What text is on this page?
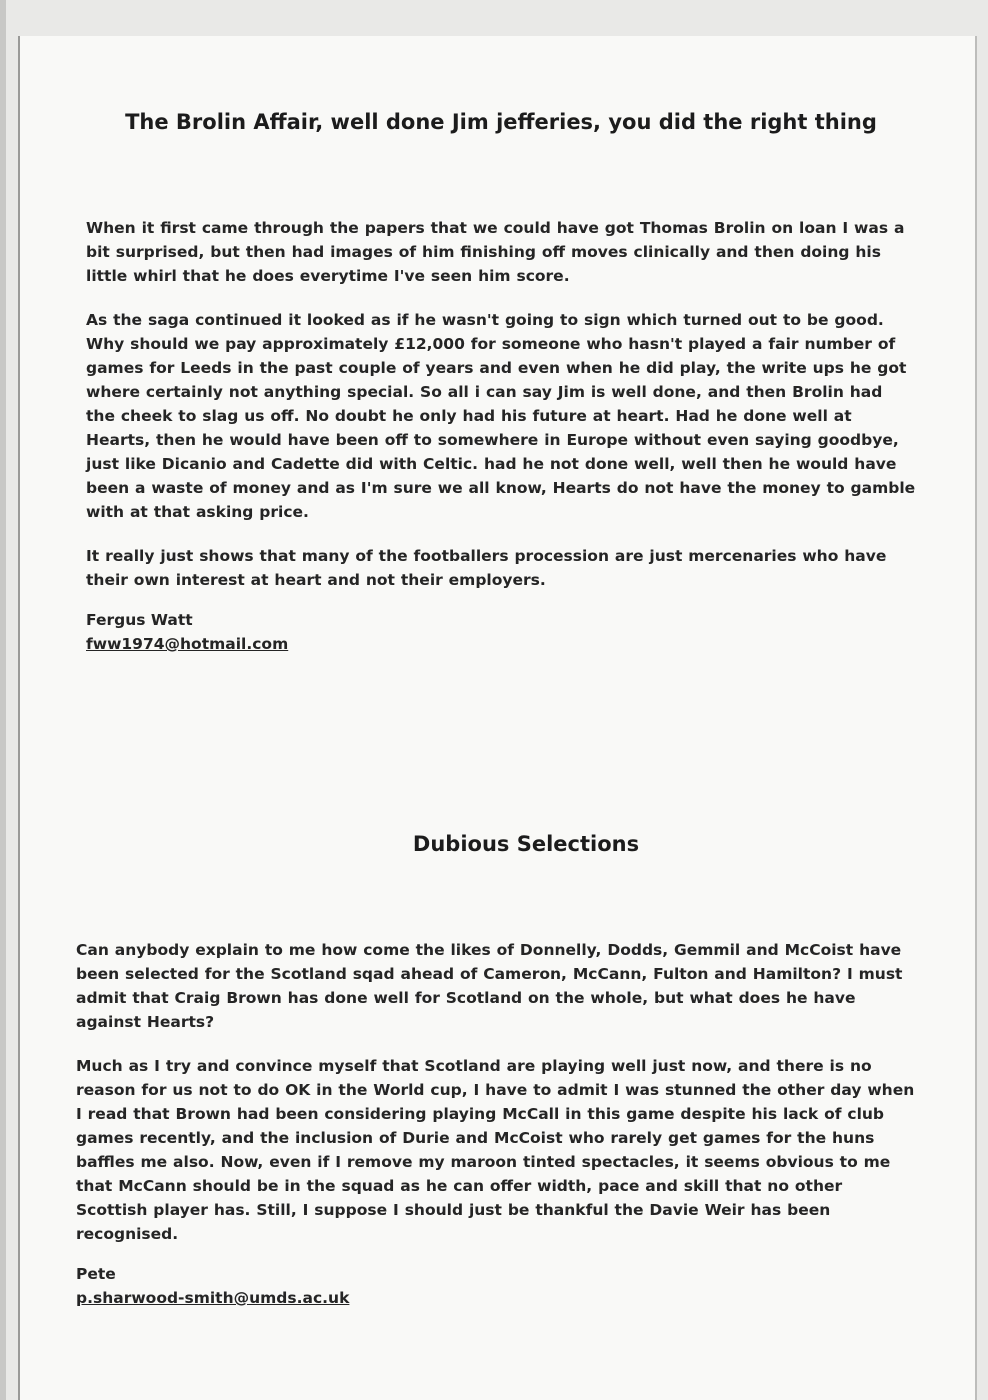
The Brolin Affair, well done Jim jefferies, you did the right thing

When it first came through the papers that we could have got Thomas Brolin on loan I was a bit surprised, but then had images of him finishing off moves clinically and then doing his little whirl that he does everytime I've seen him score.

As the saga continued it looked as if he wasn't going to sign which turned out to be good. Why should we pay approximately £12,000 for someone who hasn't played a fair number of games for Leeds in the past couple of years and even when he did play, the write ups he got where certainly not anything special. So all i can say Jim is well done, and then Brolin had the cheek to slag us off. No doubt he only had his future at heart. Had he done well at Hearts, then he would have been off to somewhere in Europe without even saying goodbye, just like Dicanio and Cadette did with Celtic. had he not done well, well then he would have been a waste of money and as I'm sure we all know, Hearts do not have the money to gamble with at that asking price.

It really just shows that many of the footballers procession are just mercenaries who have their own interest at heart and not their employers.

Fergus Watt

fww1974@hotmail.com

Dubious Selections

Can anybody explain to me how come the likes of Donnelly, Dodds, Gemmil and McCoist have been selected for the Scotland sqad ahead of Cameron, McCann, Fulton and Hamilton? I must admit that Craig Brown has done well for Scotland on the whole, but what does he have against Hearts?

Much as I try and convince myself that Scotland are playing well just now, and there is no reason for us not to do OK in the World cup, I have to admit I was stunned the other day when I read that Brown had been considering playing McCall in this game despite his lack of club games recently, and the inclusion of Durie and McCoist who rarely get games for the huns baffles me also. Now, even if I remove my maroon tinted spectacles, it seems obvious to me that McCann should be in the squad as he can offer width, pace and skill that no other Scottish player has. Still, I suppose I should just be thankful the Davie Weir has been recognised.

Pete

p.sharwood-smith@umds.ac.uk
